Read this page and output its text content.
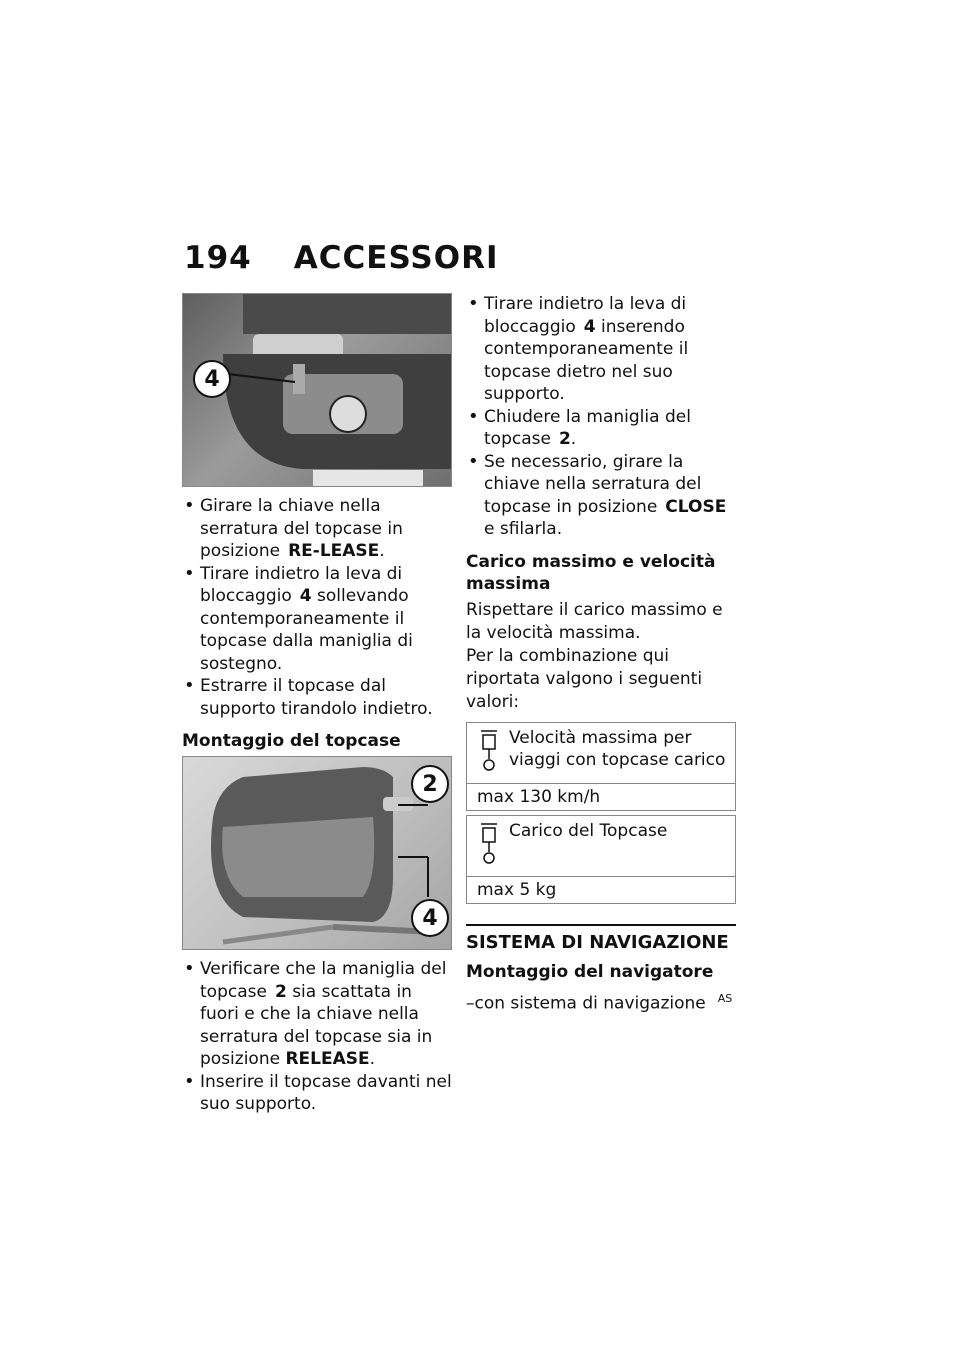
194 ACCESSORI
4
• Girare la chiave nella serratura del topcase in posizione RE-LEASE.
• Tirare indietro la leva di bloccaggio 4 sollevando contemporaneamente il topcase dalla maniglia di sostegno.
• Estrarre il topcase dal supporto tirandolo indietro.
Montaggio del topcase
2
4
• Verificare che la maniglia del topcase 2 sia scattata in fuori e che la chiave nella serratura del topcase sia in posizione RELEASE.
• Inserire il topcase davanti nel suo supporto.
• Tirare indietro la leva di bloccaggio 4 inserendo contemporaneamente il topcase dietro nel suo supporto.
• Chiudere la maniglia del topcase 2.
• Se necessario, girare la chiave nella serratura del topcase in posizione CLOSE e sfilarla.
Carico massimo e velocità massima

Rispettare il carico massimo e la velocità massima.

Per la combinazione qui riportata valgono i seguenti valori:

Velocità massima per viaggi con topcase carico
max 130 km/h
Carico del Topcase
max 5 kg
SISTEMA DI NAVIGAZIONE
Montaggio del navigatore

–con sistema di navigazione $^{AS}$
